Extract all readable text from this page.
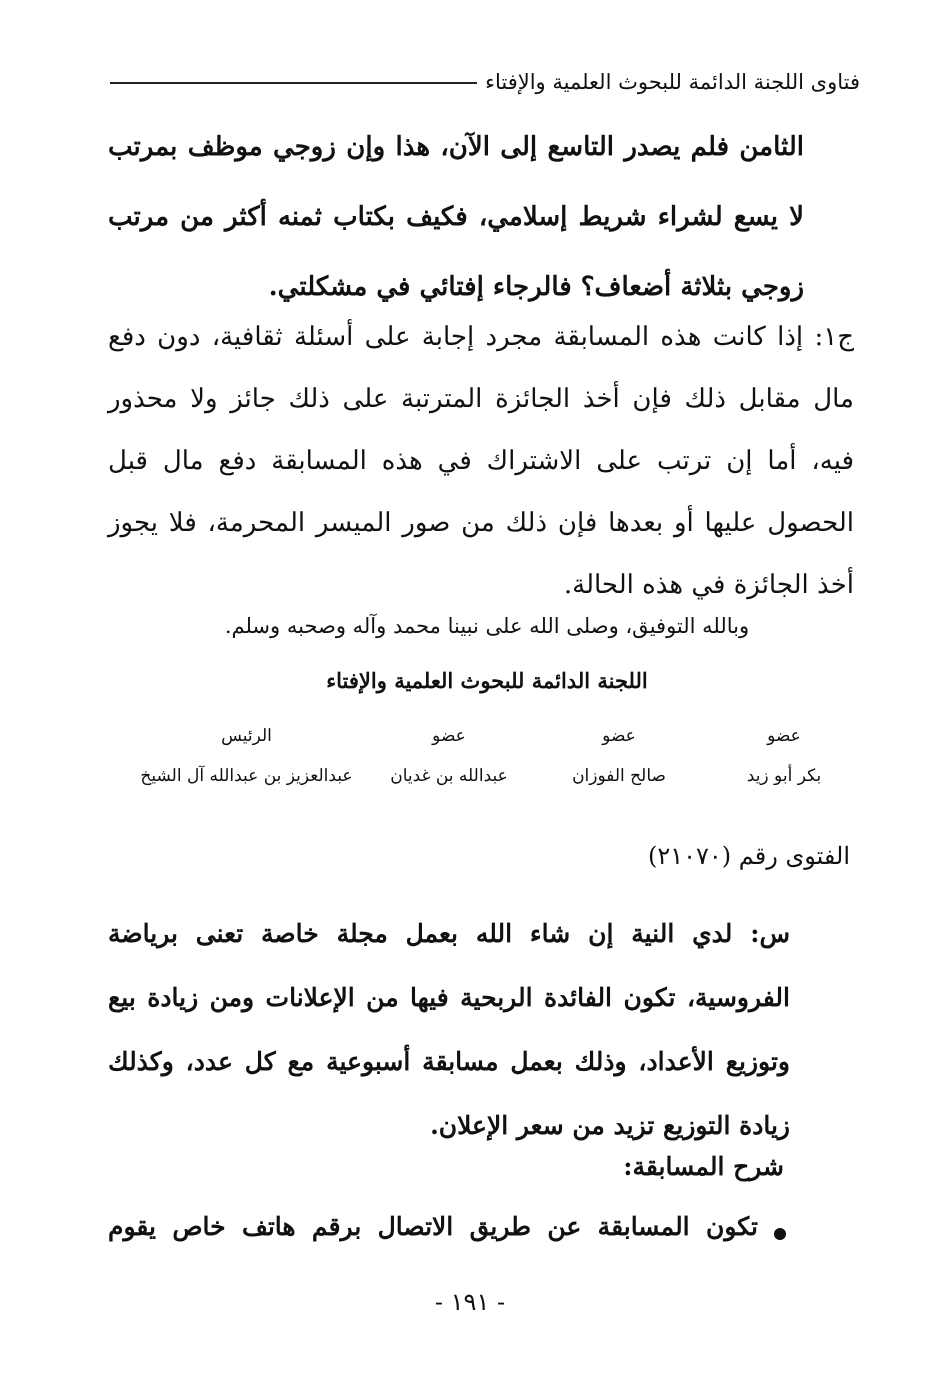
فتاوى اللجنة الدائمة للبحوث العلمية والإفتاء
الثامن فلم يصدر التاسع إلى الآن، هذا وإن زوجي موظف بمرتب لا يسع لشراء شريط إسلامي، فكيف بكتاب ثمنه أكثر من مرتب زوجي بثلاثة أضعاف؟ فالرجاء إفتائي في مشكلتي.
ج١: إذا كانت هذه المسابقة مجرد إجابة على أسئلة ثقافية، دون دفع مال مقابل ذلك فإن أخذ الجائزة المترتبة على ذلك جائز ولا محذور فيه، أما إن ترتب على الاشتراك في هذه المسابقة دفع مال قبل الحصول عليها أو بعدها فإن ذلك من صور الميسر المحرمة، فلا يجوز أخذ الجائزة في هذه الحالة.
وبالله التوفيق، وصلى الله على نبينا محمد وآله وصحبه وسلم.
اللجنة الدائمة للبحوث العلمية والإفتاء
عضو
بكر أبو زيد
عضو
صالح الفوزان
عضو
عبدالله بن غديان
الرئيس
عبدالعزيز بن عبدالله آل الشيخ
الفتوى رقم (٢١٠٧٠)
س: لدي النية إن شاء الله بعمل مجلة خاصة تعنى برياضة الفروسية، تكون الفائدة الربحية فيها من الإعلانات ومن زيادة بيع وتوزيع الأعداد، وذلك بعمل مسابقة أسبوعية مع كل عدد، وكذلك زيادة التوزيع تزيد من سعر الإعلان.
شرح المسابقة:
تكون المسابقة عن طريق الاتصال برقم هاتف خاص يقوم
- ١٩١ -
